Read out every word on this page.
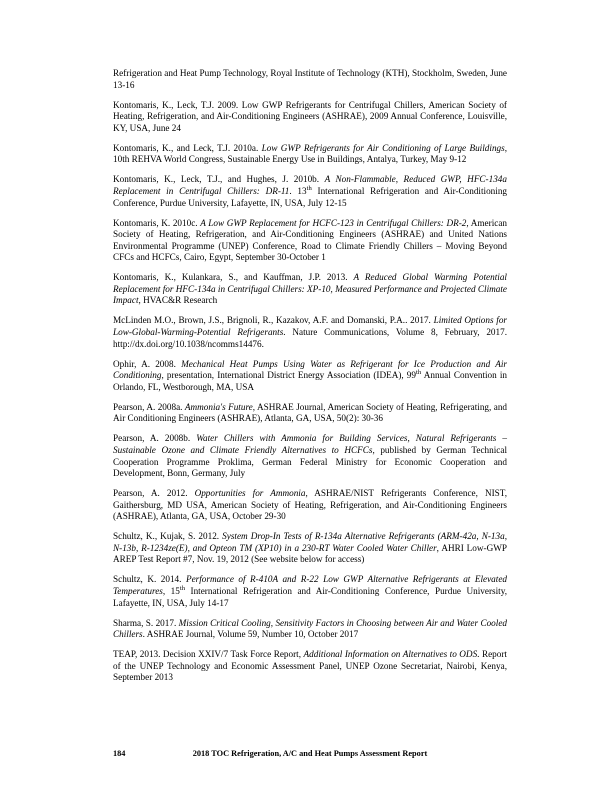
Refrigeration and Heat Pump Technology, Royal Institute of Technology (KTH), Stockholm, Sweden, June 13-16

Kontomaris, K., Leck, T.J. 2009. Low GWP Refrigerants for Centrifugal Chillers, American Society of Heating, Refrigeration, and Air-Conditioning Engineers (ASHRAE), 2009 Annual Conference, Louisville, KY, USA, June 24

Kontomaris, K., and Leck, T.J. 2010a. Low GWP Refrigerants for Air Conditioning of Large Buildings, 10th REHVA World Congress, Sustainable Energy Use in Buildings, Antalya, Turkey, May 9-12

Kontomaris, K., Leck, T.J., and Hughes, J. 2010b. A Non-Flammable, Reduced GWP, HFC-134a Replacement in Centrifugal Chillers: DR-11. 13th International Refrigeration and Air-Conditioning Conference, Purdue University, Lafayette, IN, USA, July 12-15

Kontomaris, K. 2010c. A Low GWP Replacement for HCFC-123 in Centrifugal Chillers: DR-2, American Society of Heating, Refrigeration, and Air-Conditioning Engineers (ASHRAE) and United Nations Environmental Programme (UNEP) Conference, Road to Climate Friendly Chillers – Moving Beyond CFCs and HCFCs, Cairo, Egypt, September 30-October 1

Kontomaris, K., Kulankara, S., and Kauffman, J.P. 2013. A Reduced Global Warming Potential Replacement for HFC-134a in Centrifugal Chillers: XP-10, Measured Performance and Projected Climate Impact, HVAC&R Research

McLinden M.O., Brown, J.S., Brignoli, R., Kazakov, A.F. and Domanski, P.A.. 2017. Limited Options for Low-Global-Warming-Potential Refrigerants. Nature Communications, Volume 8, February, 2017. http://dx.doi.org/10.1038/ncomms14476.

Ophir, A. 2008. Mechanical Heat Pumps Using Water as Refrigerant for Ice Production and Air Conditioning, presentation, International District Energy Association (IDEA), 99th Annual Convention in Orlando, FL, Westborough, MA, USA

Pearson, A. 2008a. Ammonia's Future, ASHRAE Journal, American Society of Heating, Refrigerating, and Air Conditioning Engineers (ASHRAE), Atlanta, GA, USA, 50(2): 30-36

Pearson, A. 2008b. Water Chillers with Ammonia for Building Services, Natural Refrigerants – Sustainable Ozone and Climate Friendly Alternatives to HCFCs, published by German Technical Cooperation Programme Proklima, German Federal Ministry for Economic Cooperation and Development, Bonn, Germany, July

Pearson, A. 2012. Opportunities for Ammonia, ASHRAE/NIST Refrigerants Conference, NIST, Gaithersburg, MD USA, American Society of Heating, Refrigeration, and Air-Conditioning Engineers (ASHRAE), Atlanta, GA, USA, October 29-30

Schultz, K., Kujak, S. 2012. System Drop-In Tests of R-134a Alternative Refrigerants (ARM-42a, N-13a, N-13b, R-1234ze(E), and Opteon TM (XP10) in a 230-RT Water Cooled Water Chiller, AHRI Low-GWP AREP Test Report #7, Nov. 19, 2012 (See website below for access)

Schultz, K. 2014. Performance of R-410A and R-22 Low GWP Alternative Refrigerants at Elevated Temperatures, 15th International Refrigeration and Air-Conditioning Conference, Purdue University, Lafayette, IN, USA, July 14-17

Sharma, S. 2017. Mission Critical Cooling, Sensitivity Factors in Choosing between Air and Water Cooled Chillers. ASHRAE Journal, Volume 59, Number 10, October 2017

TEAP, 2013. Decision XXIV/7 Task Force Report, Additional Information on Alternatives to ODS. Report of the UNEP Technology and Economic Assessment Panel, UNEP Ozone Secretariat, Nairobi, Kenya, September 2013

184	2018 TOC Refrigeration, A/C and Heat Pumps Assessment Report
